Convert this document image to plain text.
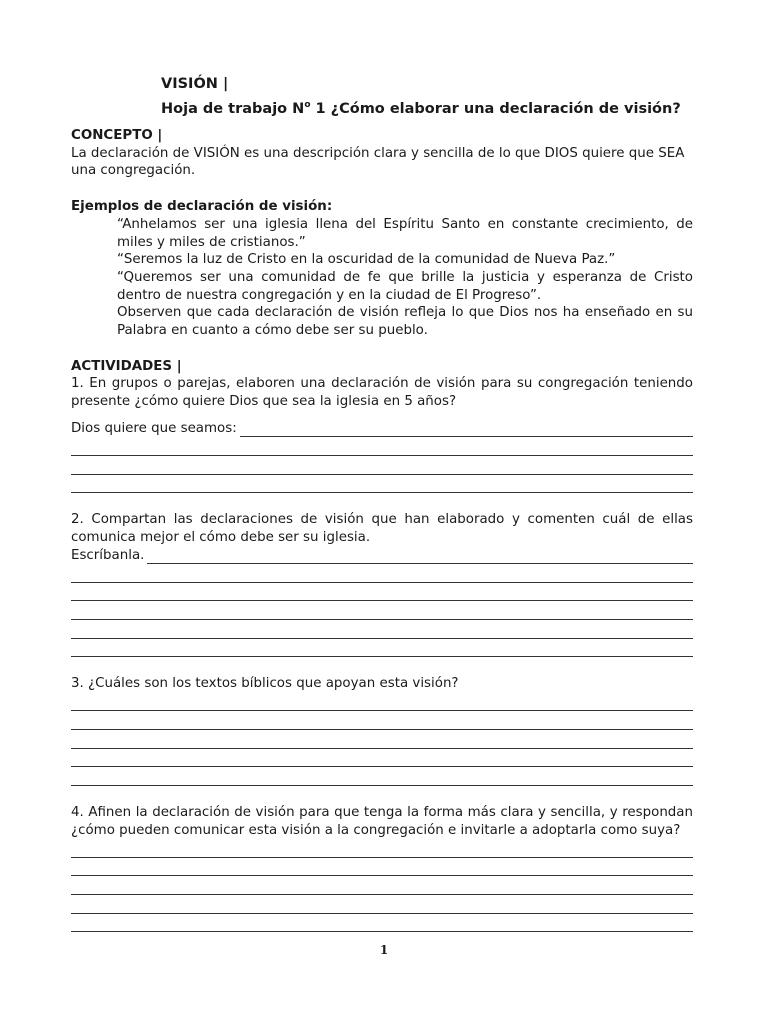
VISIÓN |
Hoja de trabajo $N^o$ 1 ¿Cómo elaborar una declaración de visión?

CONCEPTO |

La declaración de VISIÓN es una descripción clara y sencilla de lo que DIOS quiere que SEA una congregación.

Ejemplos de declaración de visión:

“Anhelamos ser una iglesia llena del Espíritu Santo en constante crecimiento, de miles y miles de cristianos.”

“Seremos la luz de Cristo en la oscuridad de la comunidad de Nueva Paz.”

“Queremos ser una comunidad de fe que brille la justicia y esperanza de Cristo dentro de nuestra congregación y en la ciudad de El Progreso”.

Observen que cada declaración de visión refleja lo que Dios nos ha enseñado en su Palabra en cuanto a cómo debe ser su pueblo.

ACTIVIDADES |

1. En grupos o parejas, elaboren una declaración de visión para su congregación teniendo presente ¿cómo quiere Dios que sea la iglesia en 5 años?

Dios quiere que seamos:

2. Compartan las declaraciones de visión que han elaborado y comenten cuál de ellas comunica mejor el cómo debe ser su iglesia.

Escríbanla.

3. ¿Cuáles son los textos bíblicos que apoyan esta visión?

4. Afinen la declaración de visión para que tenga la forma más clara y sencilla, y respondan ¿cómo pueden comunicar esta visión a la congregación e invitarle a adoptarla como suya?

1
